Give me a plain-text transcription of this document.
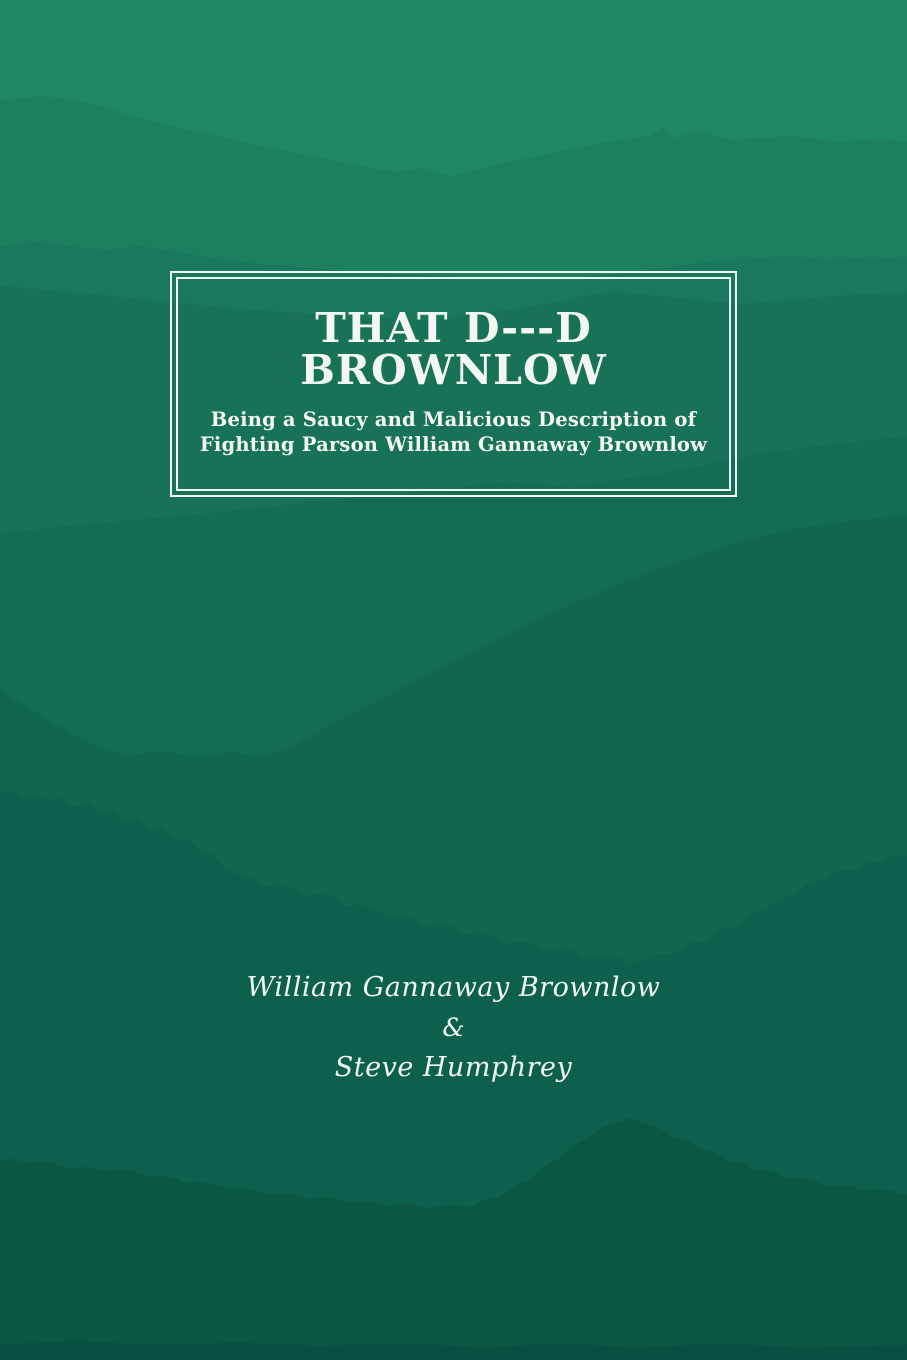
THAT D---D
BROWNLOW

Being a Saucy and Malicious Description of
Fighting Parson William Gannaway Brownlow

William Gannaway Brownlow
&
Steve Humphrey
